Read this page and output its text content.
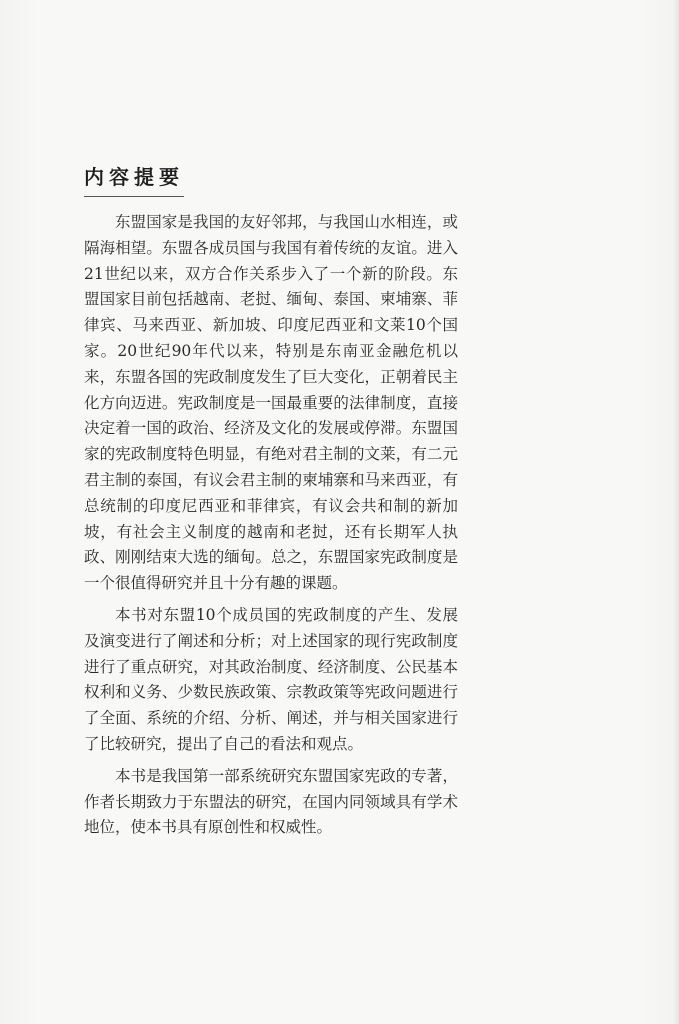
内容提要

东盟国家是我国的友好邻邦，与我国山水相连，或隔海相望。东盟各成员国与我国有着传统的友谊。进入21世纪以来，双方合作关系步入了一个新的阶段。东盟国家目前包括越南、老挝、缅甸、泰国、柬埔寨、菲律宾、马来西亚、新加坡、印度尼西亚和文莱10个国家。20世纪90年代以来，特别是东南亚金融危机以来，东盟各国的宪政制度发生了巨大变化，正朝着民主化方向迈进。宪政制度是一国最重要的法律制度，直接决定着一国的政治、经济及文化的发展或停滞。东盟国家的宪政制度特色明显，有绝对君主制的文莱，有二元君主制的泰国，有议会君主制的柬埔寨和马来西亚，有总统制的印度尼西亚和菲律宾，有议会共和制的新加坡，有社会主义制度的越南和老挝，还有长期军人执政、刚刚结束大选的缅甸。总之，东盟国家宪政制度是一个很值得研究并且十分有趣的课题。

本书对东盟10个成员国的宪政制度的产生、发展及演变进行了阐述和分析；对上述国家的现行宪政制度进行了重点研究，对其政治制度、经济制度、公民基本权利和义务、少数民族政策、宗教政策等宪政问题进行了全面、系统的介绍、分析、阐述，并与相关国家进行了比较研究，提出了自己的看法和观点。

本书是我国第一部系统研究东盟国家宪政的专著，作者长期致力于东盟法的研究，在国内同领域具有学术地位，使本书具有原创性和权威性。
